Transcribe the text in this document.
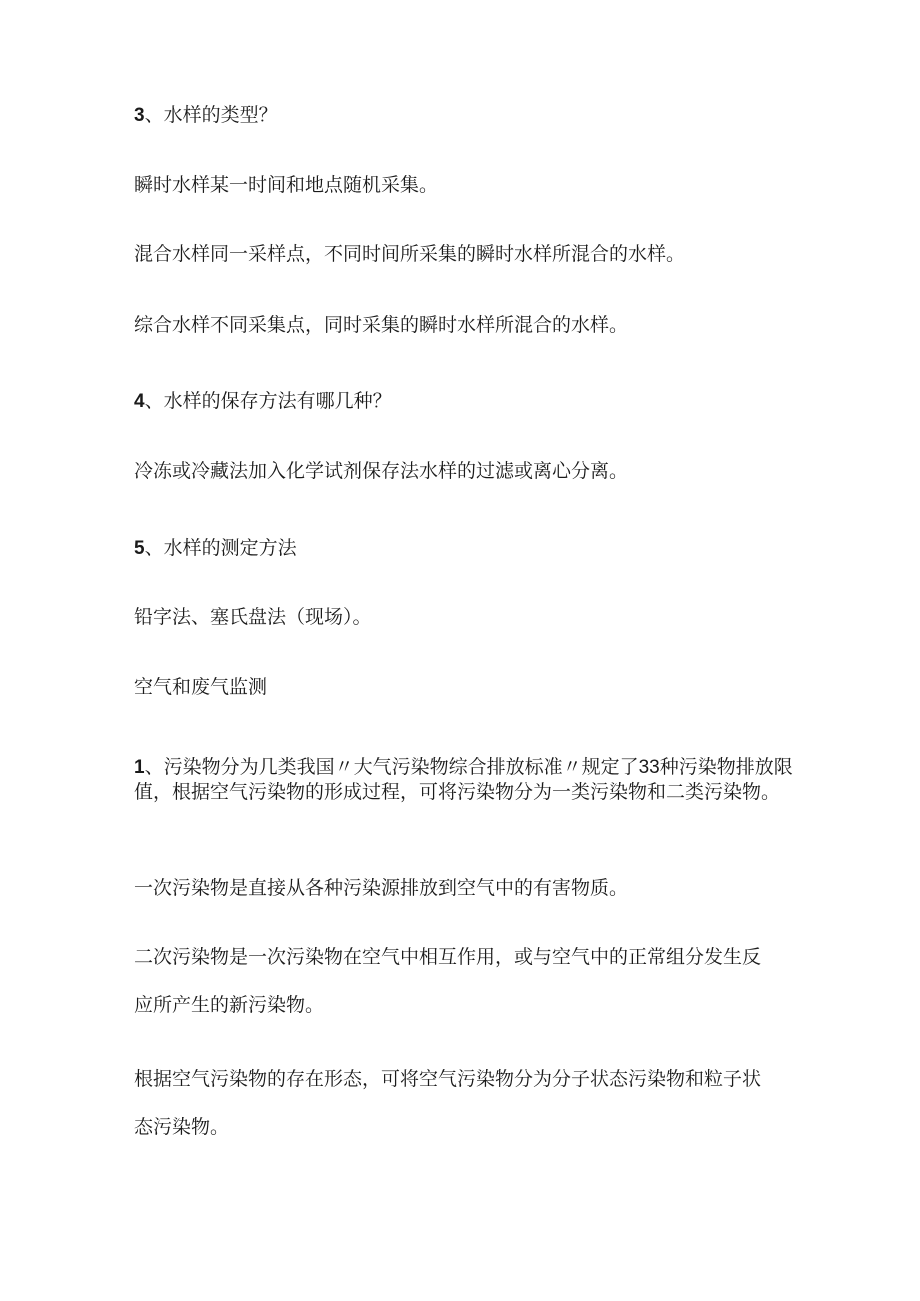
3、水样的类型？
瞬时水样某一时间和地点随机采集。
混合水样同一采样点，不同时间所采集的瞬时水样所混合的水样。
综合水样不同采集点，同时采集的瞬时水样所混合的水样。
4、水样的保存方法有哪几种？
冷冻或冷藏法加入化学试剂保存法水样的过滤或离心分离。
5、水样的测定方法
铅字法、塞氏盘法（现场）。
空气和废气监测
1、污染物分为几类我国〃大气污染物综合排放标准〃规定了33种污染物排放限值，根据空气污染物的形成过程，可将污染物分为一类污染物和二类污染物。
一次污染物是直接从各种污染源排放到空气中的有害物质。
二次污染物是一次污染物在空气中相互作用，或与空气中的正常组分发生反
应所产生的新污染物。
根据空气污染物的存在形态，可将空气污染物分为分子状态污染物和粒子状
态污染物。
